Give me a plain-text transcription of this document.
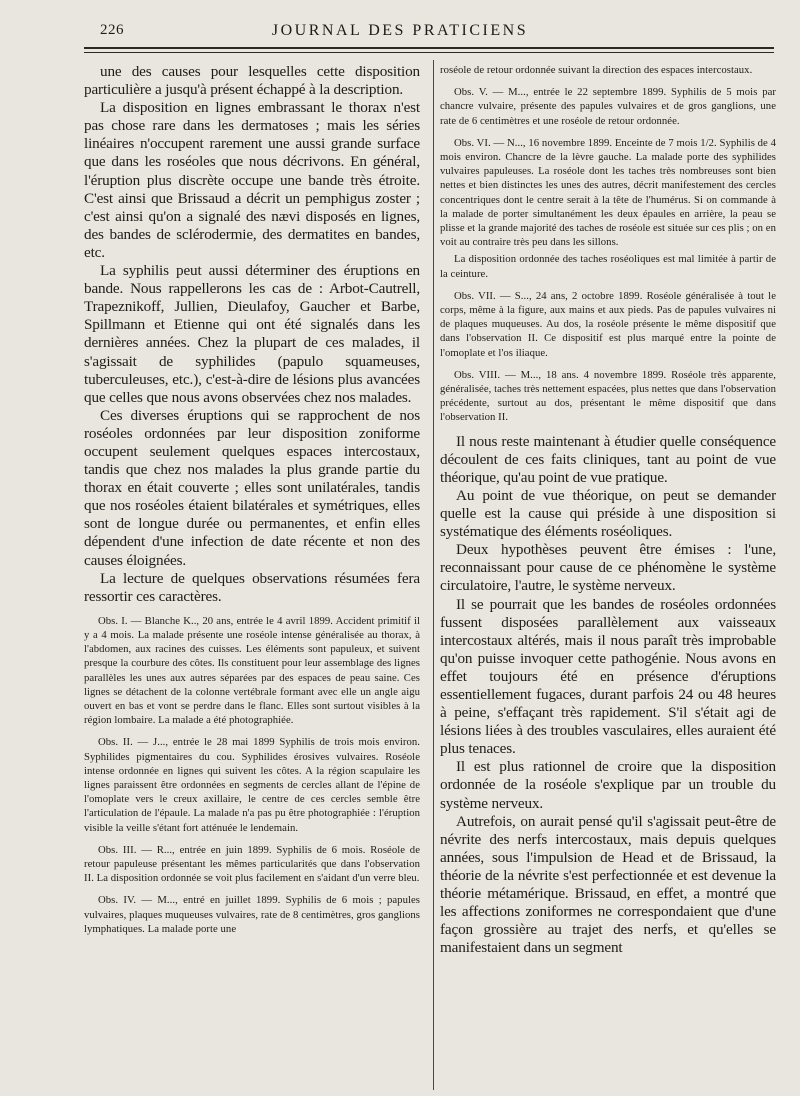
226	JOURNAL DES PRATICIENS

une des causes pour lesquelles cette disposition particulière a jusqu'à présent échappé à la description.

La disposition en lignes embrassant le thorax n'est pas chose rare dans les dermatoses ; mais les séries linéaires n'occupent rarement une aussi grande surface que dans les roséoles que nous décrivons. En général, l'éruption plus discrète occupe une bande très étroite. C'est ainsi que Brissaud a décrit un pemphigus zoster ; c'est ainsi qu'on a signalé des nævi disposés en lignes, des bandes de sclérodermie, des dermatites en bandes, etc.

La syphilis peut aussi déterminer des éruptions en bande. Nous rappellerons les cas de : Arbot-Cautrell, Trapeznikoff, Jullien, Dieulafoy, Gaucher et Barbe, Spillmann et Etienne qui ont été signalés dans les dernières années. Chez la plupart de ces malades, il s'agissait de syphilides (papulo squameuses, tuberculeuses, etc.), c'est-à-dire de lésions plus avancées que celles que nous avons observées chez nos malades.

Ces diverses éruptions qui se rapprochent de nos roséoles ordonnées par leur disposition zoniforme occupent seulement quelques espaces intercostaux, tandis que chez nos malades la plus grande partie du thorax en était couverte ; elles sont unilatérales, tandis que nos roséoles étaient bilatérales et symétriques, elles sont de longue durée ou permanentes, et enfin elles dépendent d'une infection de date récente et non des causes éloignées.

La lecture de quelques observations résumées fera ressortir ces caractères.

Obs. I. — Blanche K.., 20 ans, entrée le 4 avril 1899. Accident primitif il y a 4 mois. La malade présente une roséole intense généralisée au thorax, à l'abdomen, aux racines des cuisses. Les éléments sont papuleux, et suivent presque la courbure des côtes. Ils constituent pour leur assemblage des lignes parallèles les unes aux autres séparées par des espaces de peau saine. Ces lignes se détachent de la colonne vertébrale formant avec elle un angle aigu ouvert en bas et vont se perdre dans le flanc. Elles sont surtout visibles à la région lombaire. La malade a été photographiée.

Obs. II. — J..., entrée le 28 mai 1899 Syphilis de trois mois environ. Syphilides pigmentaires du cou. Syphilides érosives vulvaires. Roséole intense ordonnée en lignes qui suivent les côtes. A la région scapulaire les lignes paraissent être ordonnées en segments de cercles allant de l'épine de l'omoplate vers le creux axillaire, le centre de ces cercles semble être l'articulation de l'épaule. La malade n'a pas pu être photographiée : l'éruption visible la veille s'étant fort atténuée le lendemain.

Obs. III. — R..., entrée en juin 1899. Syphilis de 6 mois. Roséole de retour papuleuse présentant les mêmes particularités que dans l'observation II. La disposition ordonnée se voit plus facilement en s'aidant d'un verre bleu.

Obs. IV. — M..., entré en juillet 1899. Syphilis de 6 mois ; papules vulvaires, plaques muqueuses vulvaires, rate de 8 centimètres, gros ganglions lymphatiques. La malade porte une

roséole de retour ordonnée suivant la direction des espaces intercostaux.

Obs. V. — M..., entrée le 22 septembre 1899. Syphilis de 5 mois par chancre vulvaire, présente des papules vulvaires et de gros ganglions, une rate de 6 centimètres et une roséole de retour ordonnée.

Obs. VI. — N..., 16 novembre 1899. Enceinte de 7 mois 1/2. Syphilis de 4 mois environ. Chancre de la lèvre gauche. La malade porte des syphilides vulvaires papuleuses. La roséole dont les taches très nombreuses sont bien nettes et bien distinctes les unes des autres, décrit manifestement des cercles concentriques dont le centre serait à la tête de l'humérus. Si on commande à la malade de porter simultanément les deux épaules en arrière, la peau se plisse et la grande majorité des taches de roséole est située sur ces plis ; on en voit au contraire très peu dans les sillons.

La disposition ordonnée des taches roséoliques est mal limitée à partir de la ceinture.

Obs. VII. — S..., 24 ans, 2 octobre 1899. Roséole généralisée à tout le corps, même à la figure, aux mains et aux pieds. Pas de papules vulvaires ni de plaques muqueuses. Au dos, la roséole présente le même dispositif que dans l'observation II. Ce dispositif est plus marqué entre la pointe de l'omoplate et l'os iliaque.

Obs. VIII. — M..., 18 ans. 4 novembre 1899. Roséole très apparente, généralisée, taches très nettement espacées, plus nettes que dans l'observation précédente, surtout au dos, présentant le même dispositif que dans l'observation II.

Il nous reste maintenant à étudier quelle conséquence découlent de ces faits cliniques, tant au point de vue théorique, qu'au point de vue pratique.

Au point de vue théorique, on peut se demander quelle est la cause qui préside à une disposition si systématique des éléments roséoliques.

Deux hypothèses peuvent être émises : l'une, reconnaissant pour cause de ce phénomène le système circulatoire, l'autre, le système nerveux.

Il se pourrait que les bandes de roséoles ordonnées fussent disposées parallèlement aux vaisseaux intercostaux altérés, mais il nous paraît très improbable qu'on puisse invoquer cette pathogénie. Nous avons en effet toujours été en présence d'éruptions essentiellement fugaces, durant parfois 24 ou 48 heures à peine, s'effaçant très rapidement. S'il s'était agi de lésions liées à des troubles vasculaires, elles auraient été plus tenaces.

Il est plus rationnel de croire que la disposition ordonnée de la roséole s'explique par un trouble du système nerveux.

Autrefois, on aurait pensé qu'il s'agissait peut-être de névrite des nerfs intercostaux, mais depuis quelques années, sous l'impulsion de Head et de Brissaud, la théorie de la névrite s'est perfectionnée et est devenue la théorie métamérique. Brissaud, en effet, a montré que les affections zoniformes ne correspondaient que d'une façon grossière au trajet des nerfs, et qu'elles se manifestaient dans un segment
